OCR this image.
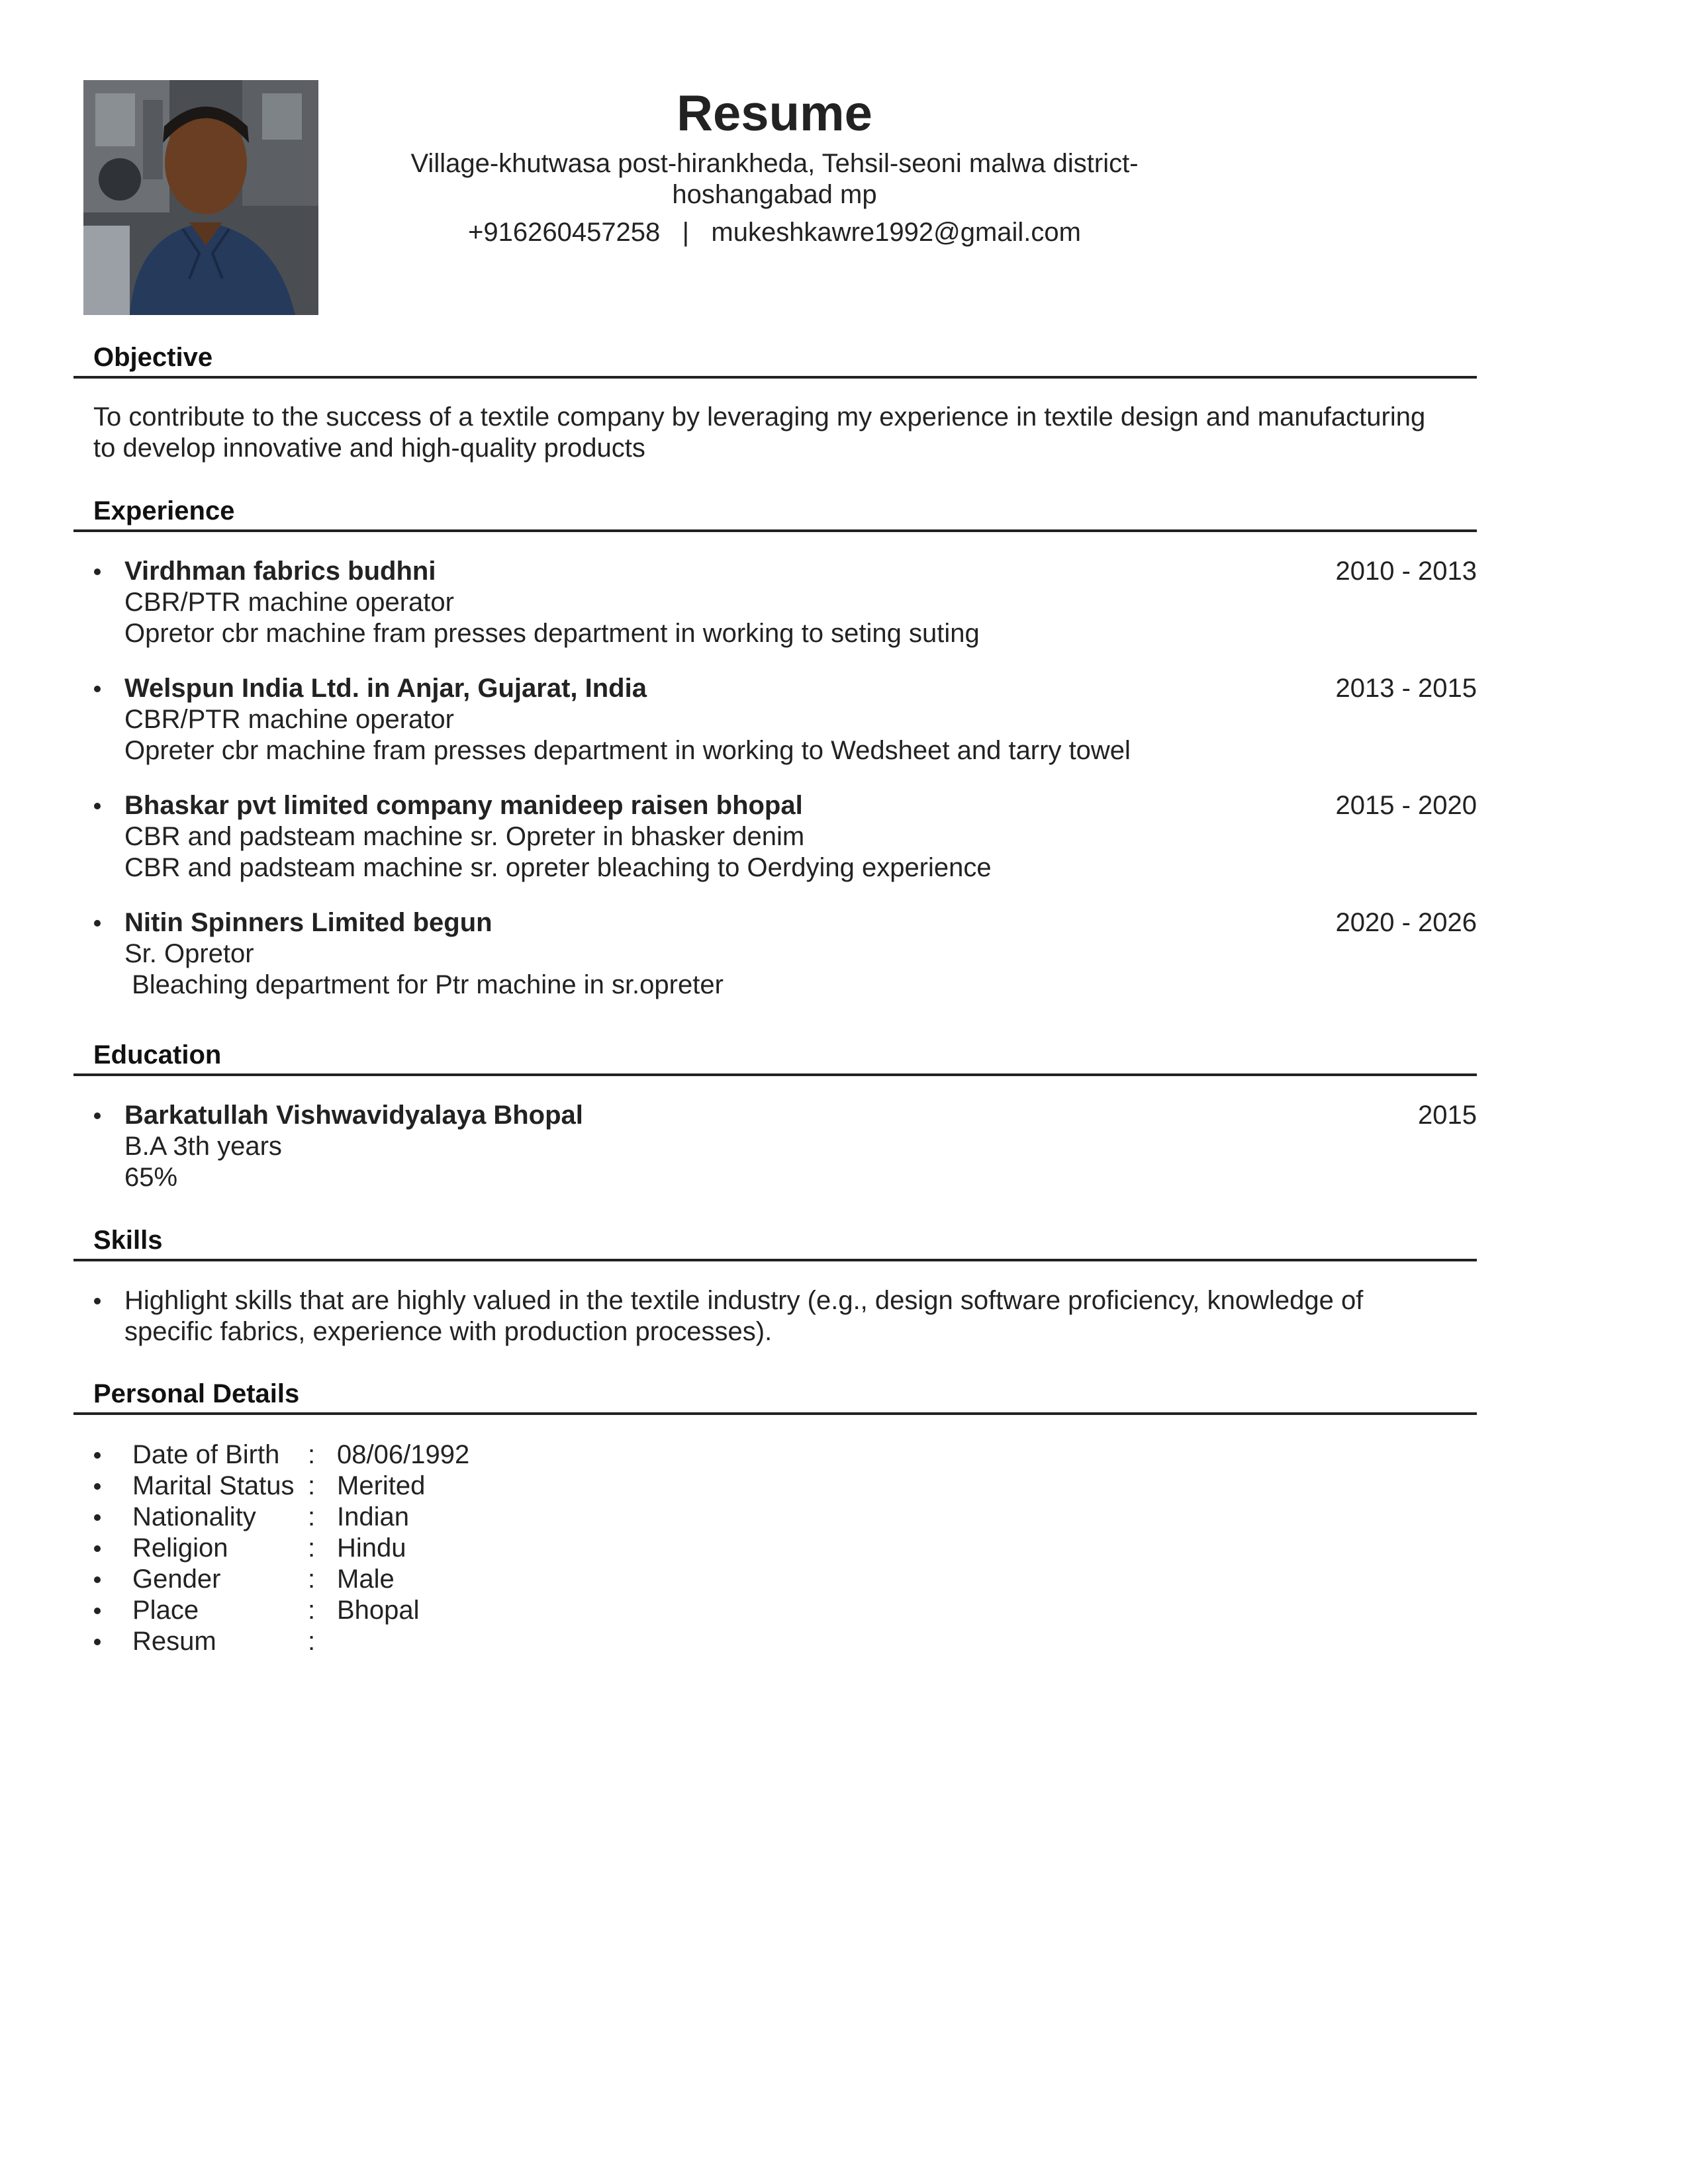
Resume
Village-khutwasa post-hirankheda, Tehsil-seoni malwa district-hoshangabad mp
+916260457258 | mukeshkawre1992@gmail.com
Objective
To contribute to the success of a textile company by leveraging my experience in textile design and manufacturing to develop innovative and high-quality products
Experience
Virdhman fabrics budhni	2010 - 2013
CBR/PTR machine operator
Opretor cbr machine fram presses department in working to seting suting
Welspun India Ltd. in Anjar, Gujarat, India	2013 - 2015
CBR/PTR machine operator
Opreter cbr machine fram presses department in working to Wedsheet and tarry towel
Bhaskar pvt limited company manideep raisen bhopal	2015 - 2020
CBR and padsteam machine sr. Opreter in bhasker denim
CBR and padsteam machine sr. opreter bleaching to Oerdying experience
Nitin Spinners Limited begun	2020 - 2026
Sr. Opretor
Bleaching department for Ptr machine in sr.opreter
Education
Barkatullah Vishwavidyalaya Bhopal	2015
B.A 3th years
65%
Skills
Highlight skills that are highly valued in the textile industry (e.g., design software proficiency, knowledge of specific fabrics, experience with production processes).
Personal Details
Date of Birth : 08/06/1992
Marital Status : Merited
Nationality : Indian
Religion	: Hindu
Gender	: Male
Place	: Bhopal
Resum	:
